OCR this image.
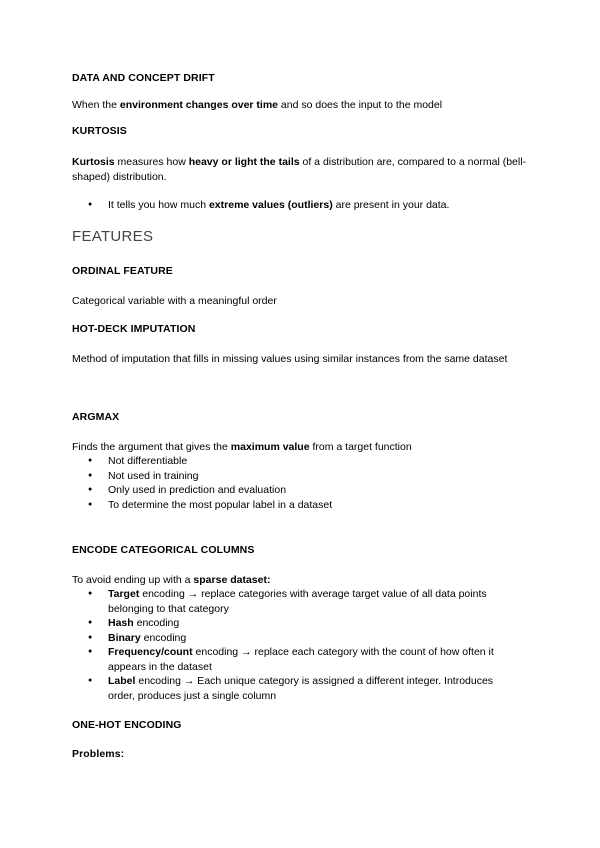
DATA AND CONCEPT DRIFT
When the environment changes over time and so does the input to the model
KURTOSIS
Kurtosis measures how heavy or light the tails of a distribution are, compared to a normal (bell-shaped) distribution.
● It tells you how much extreme values (outliers) are present in your data.
FEATURES
ORDINAL FEATURE
Categorical variable with a meaningful order
HOT-DECK IMPUTATION
Method of imputation that fills in missing values using similar instances from the same dataset
ARGMAX
Finds the argument that gives the maximum value from a target function
● Not differentiable
● Not used in training
● Only used in prediction and evaluation
● To determine the most popular label in a dataset
ENCODE CATEGORICAL COLUMNS
To avoid ending up with a sparse dataset:
● Target encoding → replace categories with average target value of all data points belonging to that category
● Hash encoding
● Binary encoding
● Frequency/count encoding → replace each category with the count of how often it appears in the dataset
● Label encoding → Each unique category is assigned a different integer. Introduces order, produces just a single column
ONE-HOT ENCODING
Problems:
